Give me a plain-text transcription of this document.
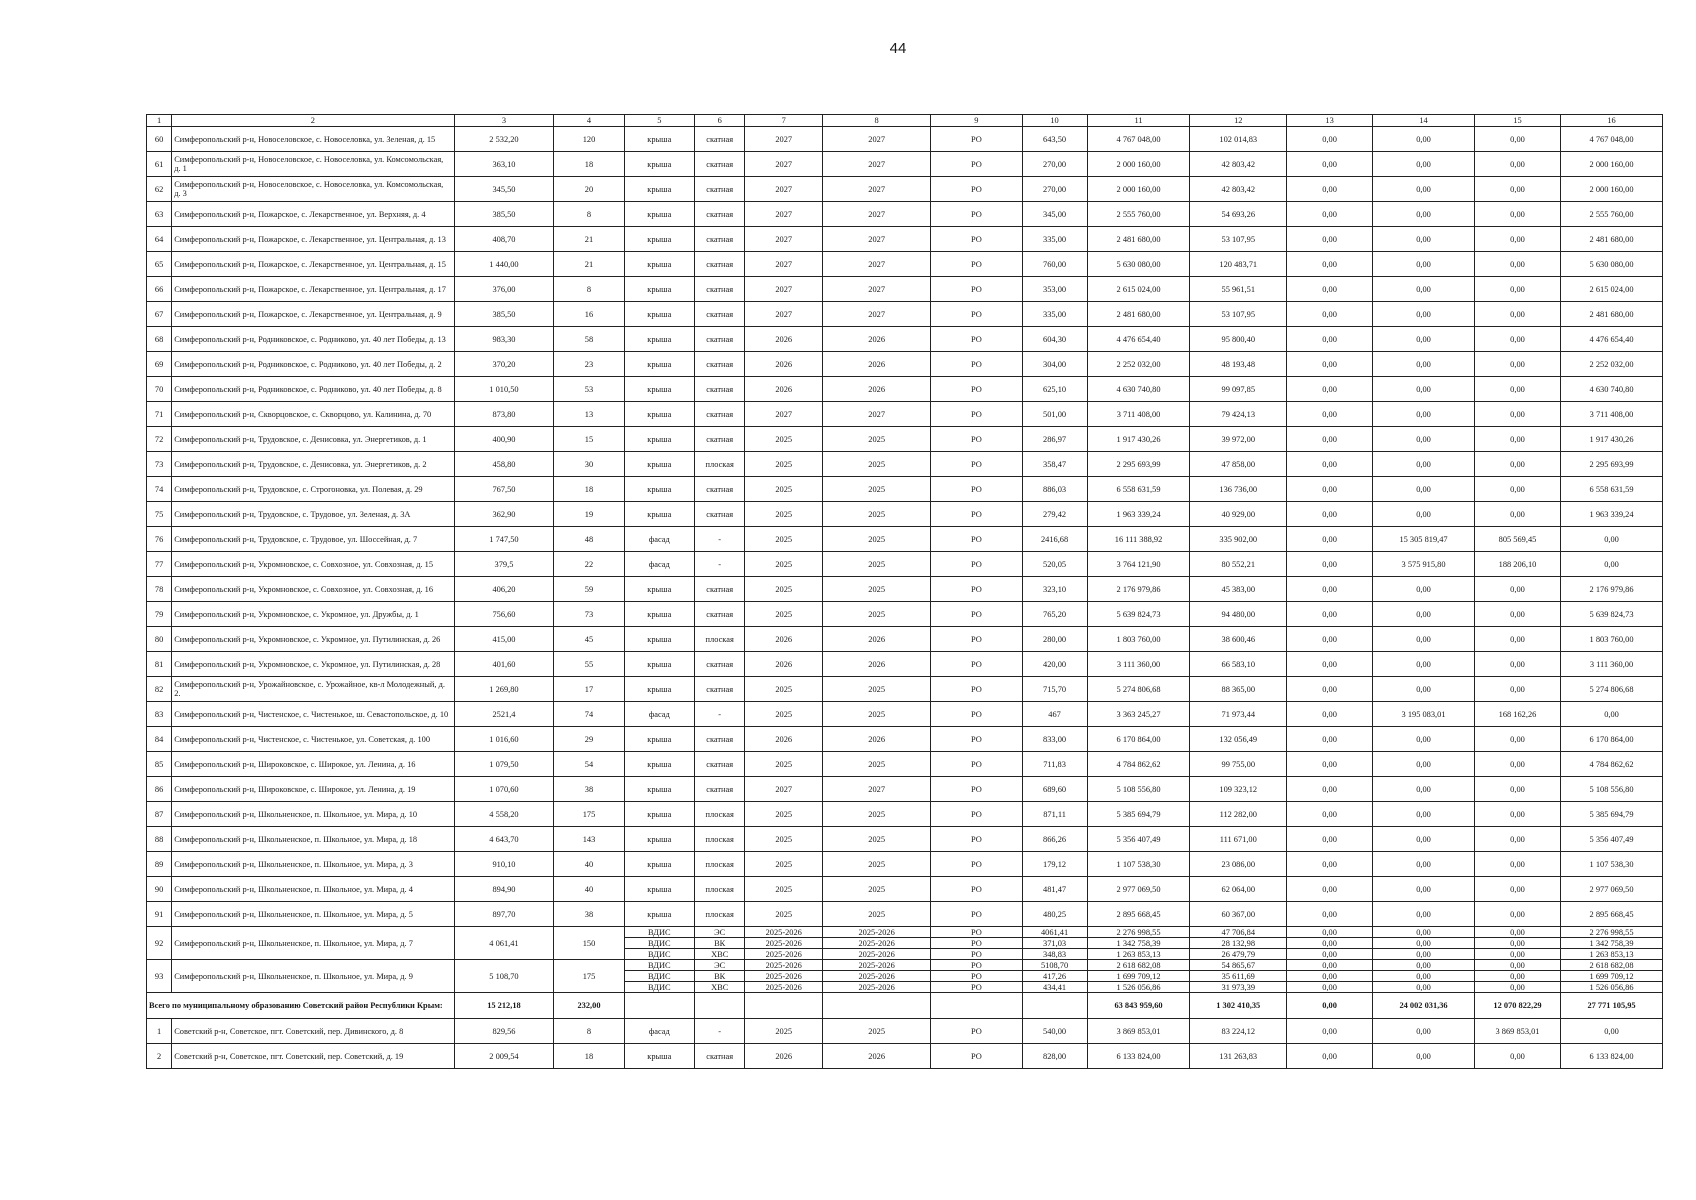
44
1	2	3	4	5	6	7	8	9	10	11	12	13	14	15	16
60	Симферопольский р-н, Новоселовское, с. Новоселовка, ул. Зеленая, д. 15	2 532,20	120	крыша	скатная	2027	2027	РО	643,50	4 767 048,00	102 014,83	0,00	0,00	0,00	4 767 048,00
61	Симферопольский р-н, Новоселовское, с. Новоселовка, ул. Комсомольская, д. 1	363,10	18	крыша	скатная	2027	2027	РО	270,00	2 000 160,00	42 803,42	0,00	0,00	0,00	2 000 160,00
62	Симферопольский р-н, Новоселовское, с. Новоселовка, ул. Комсомольская, д. 3	345,50	20	крыша	скатная	2027	2027	РО	270,00	2 000 160,00	42 803,42	0,00	0,00	0,00	2 000 160,00
63	Симферопольский р-н, Пожарское, с. Лекарственное, ул. Верхняя, д. 4	385,50	8	крыша	скатная	2027	2027	РО	345,00	2 555 760,00	54 693,26	0,00	0,00	0,00	2 555 760,00
64	Симферопольский р-н, Пожарское, с. Лекарственное, ул. Центральная, д. 13	408,70	21	крыша	скатная	2027	2027	РО	335,00	2 481 680,00	53 107,95	0,00	0,00	0,00	2 481 680,00
65	Симферопольский р-н, Пожарское, с. Лекарственное, ул. Центральная, д. 15	1 440,00	21	крыша	скатная	2027	2027	РО	760,00	5 630 080,00	120 483,71	0,00	0,00	0,00	5 630 080,00
66	Симферопольский р-н, Пожарское, с. Лекарственное, ул. Центральная, д. 17	376,00	8	крыша	скатная	2027	2027	РО	353,00	2 615 024,00	55 961,51	0,00	0,00	0,00	2 615 024,00
67	Симферопольский р-н, Пожарское, с. Лекарственное, ул. Центральная, д. 9	385,50	16	крыша	скатная	2027	2027	РО	335,00	2 481 680,00	53 107,95	0,00	0,00	0,00	2 481 680,00
68	Симферопольский р-н, Родниковское, с. Родниково, ул. 40 лет Победы, д. 13	983,30	58	крыша	скатная	2026	2026	РО	604,30	4 476 654,40	95 800,40	0,00	0,00	0,00	4 476 654,40
69	Симферопольский р-н, Родниковское, с. Родниково, ул. 40 лет Победы, д. 2	370,20	23	крыша	скатная	2026	2026	РО	304,00	2 252 032,00	48 193,48	0,00	0,00	0,00	2 252 032,00
70	Симферопольский р-н, Родниковское, с. Родниково, ул. 40 лет Победы, д. 8	1 010,50	53	крыша	скатная	2026	2026	РО	625,10	4 630 740,80	99 097,85	0,00	0,00	0,00	4 630 740,80
71	Симферопольский р-н, Скворцовское, с. Скворцово, ул. Калинина, д. 70	873,80	13	крыша	скатная	2027	2027	РО	501,00	3 711 408,00	79 424,13	0,00	0,00	0,00	3 711 408,00
72	Симферопольский р-н, Трудовское, с. Денисовка, ул. Энергетиков, д. 1	400,90	15	крыша	скатная	2025	2025	РО	286,97	1 917 430,26	39 972,00	0,00	0,00	0,00	1 917 430,26
73	Симферопольский р-н, Трудовское, с. Денисовка, ул. Энергетиков, д. 2	458,80	30	крыша	плоская	2025	2025	РО	358,47	2 295 693,99	47 858,00	0,00	0,00	0,00	2 295 693,99
74	Симферопольский р-н, Трудовское, с. Строгоновка, ул. Полевая, д. 29	767,50	18	крыша	скатная	2025	2025	РО	886,03	6 558 631,59	136 736,00	0,00	0,00	0,00	6 558 631,59
75	Симферопольский р-н, Трудовское, с. Трудовое, ул. Зеленая, д. 3А	362,90	19	крыша	скатная	2025	2025	РО	279,42	1 963 339,24	40 929,00	0,00	0,00	0,00	1 963 339,24
76	Симферопольский р-н, Трудовское, с. Трудовое, ул. Шоссейная, д. 7	1 747,50	48	фасад	-	2025	2025	РО	2416,68	16 111 388,92	335 902,00	0,00	15 305 819,47	805 569,45	0,00
77	Симферопольский р-н, Укромновское, с. Совхозное, ул. Совхозная, д. 15	379,5	22	фасад	-	2025	2025	РО	520,05	3 764 121,90	80 552,21	0,00	3 575 915,80	188 206,10	0,00
78	Симферопольский р-н, Укромновское, с. Совхозное, ул. Совхозная, д. 16	406,20	59	крыша	скатная	2025	2025	РО	323,10	2 176 979,86	45 383,00	0,00	0,00	0,00	2 176 979,86
79	Симферопольский р-н, Укромновское, с. Укромное, ул. Дружбы, д. 1	756,60	73	крыша	скатная	2025	2025	РО	765,20	5 639 824,73	94 480,00	0,00	0,00	0,00	5 639 824,73
80	Симферопольский р-н, Укромновское, с. Укромное, ул. Путилинская, д. 26	415,00	45	крыша	плоская	2026	2026	РО	280,00	1 803 760,00	38 600,46	0,00	0,00	0,00	1 803 760,00
81	Симферопольский р-н, Укромновское, с. Укромное, ул. Путилинская, д. 28	401,60	55	крыша	скатная	2026	2026	РО	420,00	3 111 360,00	66 583,10	0,00	0,00	0,00	3 111 360,00
82	Симферопольский р-н, Урожайновское, с. Урожайное, кв-л Молодежный, д. 2.	1 269,80	17	крыша	скатная	2025	2025	РО	715,70	5 274 806,68	88 365,00	0,00	0,00	0,00	5 274 806,68
83	Симферопольский р-н, Чистенское, с. Чистенькое, ш. Севастопольское, д. 10	2521,4	74	фасад	-	2025	2025	РО	467	3 363 245,27	71 973,44	0,00	3 195 083,01	168 162,26	0,00
84	Симферопольский р-н, Чистенское, с. Чистенькое, ул. Советская, д. 100	1 016,60	29	крыша	скатная	2026	2026	РО	833,00	6 170 864,00	132 056,49	0,00	0,00	0,00	6 170 864,00
85	Симферопольский р-н, Широковское, с. Широкое, ул. Ленина, д. 16	1 079,50	54	крыша	скатная	2025	2025	РО	711,83	4 784 862,62	99 755,00	0,00	0,00	0,00	4 784 862,62
86	Симферопольский р-н, Широковское, с. Широкое, ул. Ленина, д. 19	1 070,60	38	крыша	скатная	2027	2027	РО	689,60	5 108 556,80	109 323,12	0,00	0,00	0,00	5 108 556,80
87	Симферопольский р-н, Школьненское, п. Школьное, ул. Мира, д. 10	4 558,20	175	крыша	плоская	2025	2025	РО	871,11	5 385 694,79	112 282,00	0,00	0,00	0,00	5 385 694,79
88	Симферопольский р-н, Школьненское, п. Школьное, ул. Мира, д. 18	4 643,70	143	крыша	плоская	2025	2025	РО	866,26	5 356 407,49	111 671,00	0,00	0,00	0,00	5 356 407,49
89	Симферопольский р-н, Школьненское, п. Школьное, ул. Мира, д. 3	910,10	40	крыша	плоская	2025	2025	РО	179,12	1 107 538,30	23 086,00	0,00	0,00	0,00	1 107 538,30
90	Симферопольский р-н, Школьненское, п. Школьное, ул. Мира, д. 4	894,90	40	крыша	плоская	2025	2025	РО	481,47	2 977 069,50	62 064,00	0,00	0,00	0,00	2 977 069,50
91	Симферопольский р-н, Школьненское, п. Школьное, ул. Мира, д. 5	897,70	38	крыша	плоская	2025	2025	РО	480,25	2 895 668,45	60 367,00	0,00	0,00	0,00	2 895 668,45
92	Симферопольский р-н, Школьненское, п. Школьное, ул. Мира, д. 7	4 061,41	150	ВДИС	ЭС	2025-2026	2025-2026	РО	4061,41	2 276 998,55	47 706,84	0,00	0,00	0,00	2 276 998,55
				ВДИС	ВК	2025-2026	2025-2026	РО	371,03	1 342 758,39	28 132,98	0,00	0,00	0,00	1 342 758,39
				ВДИС	ХВС	2025-2026	2025-2026	РО	348,83	1 263 853,13	26 479,79	0,00	0,00	0,00	1 263 853,13
93	Симферопольский р-н, Школьненское, п. Школьное, ул. Мира, д. 9	5 108,70	175	ВДИС	ЭС	2025-2026	2025-2026	РО	5108,70	2 618 682,08	54 865,67	0,00	0,00	0,00	2 618 682,08
				ВДИС	ВК	2025-2026	2025-2026	РО	417,26	1 699 709,12	35 611,69	0,00	0,00	0,00	1 699 709,12
				ВДИС	ХВС	2025-2026	2025-2026	РО	434,41	1 526 056,86	31 973,39	0,00	0,00	0,00	1 526 056,86
Всего по муниципальному образованию Советский район Республики Крым:		15 212,18	232,00							63 843 959,60	1 302 410,35	0,00	24 002 031,36	12 070 822,29	27 771 105,95
1	Советский р-н, Советское, пгт. Советский, пер. Дивинского, д. 8	829,56	8	фасад	-	2025	2025	РО	540,00	3 869 853,01	83 224,12	0,00	0,00	3 869 853,01	0,00
2	Советский р-н, Советское, пгт. Советский, пер. Советский, д. 19	2 009,54	18	крыша	скатная	2026	2026	РО	828,00	6 133 824,00	131 263,83	0,00	0,00	0,00	6 133 824,00
